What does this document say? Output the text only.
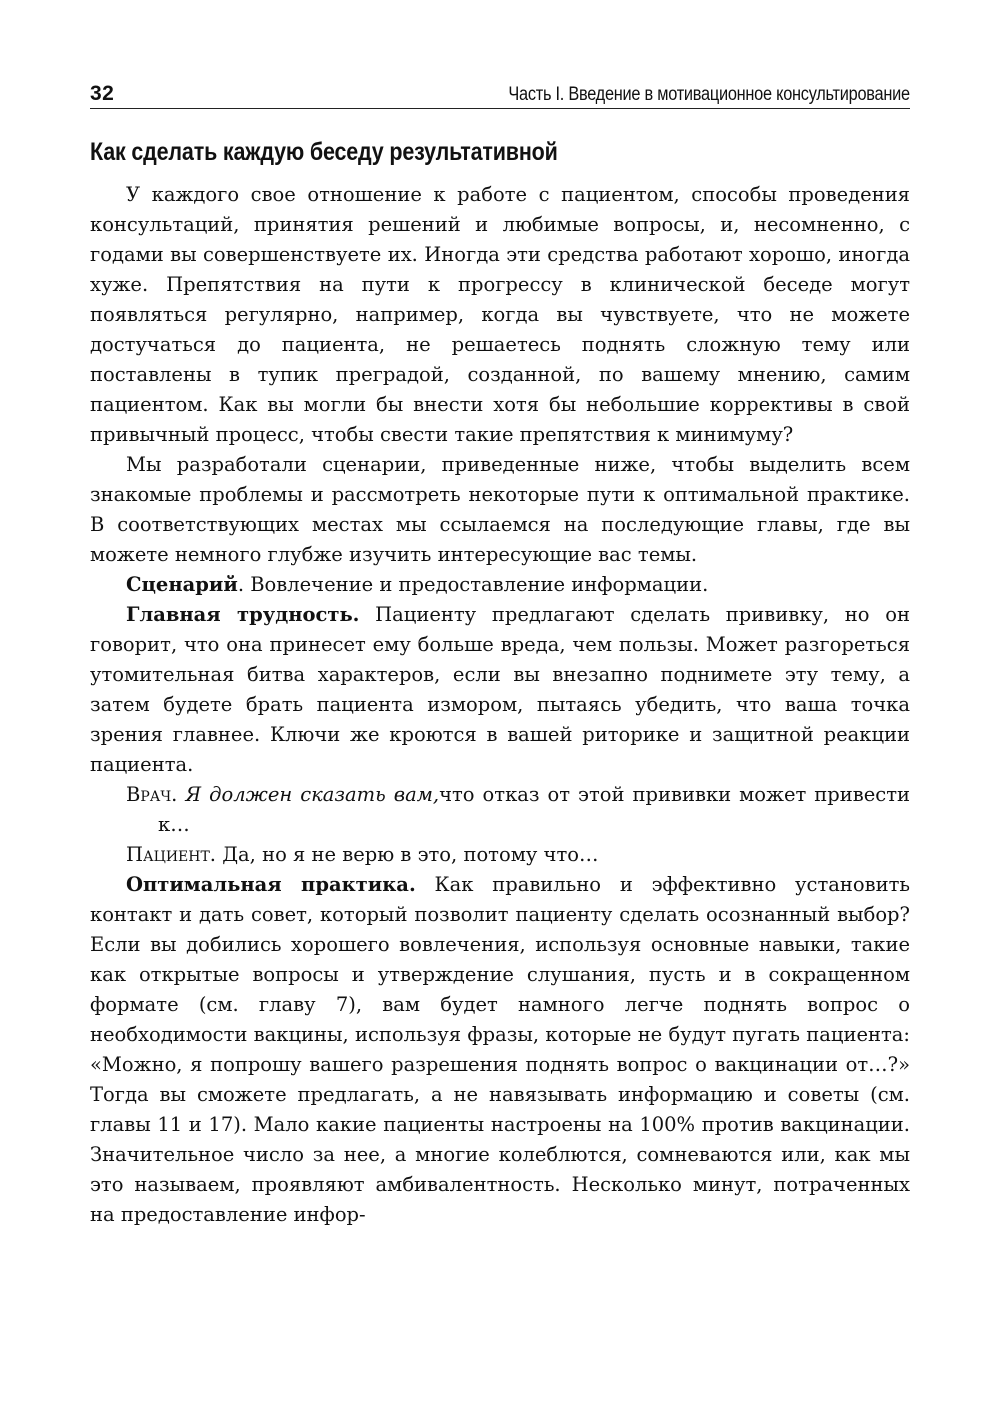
32	Часть I. Введение в мотивационное консультирование
Как сделать каждую беседу результативной

У каждого свое отношение к работе с пациентом, способы проведения консультаций, принятия решений и любимые вопросы, и, несомненно, с годами вы совершенствуете их. Иногда эти средства работают хорошо, иногда хуже. Препятствия на пути к прогрессу в клинической беседе могут появляться регулярно, например, когда вы чувствуете, что не можете достучаться до пациента, не решаетесь поднять сложную тему или поставлены в тупик преградой, созданной, по вашему мнению, самим пациентом. Как вы могли бы внести хотя бы небольшие коррективы в свой привычный процесс, чтобы свести такие препятствия к минимуму?

Мы разработали сценарии, приведенные ниже, чтобы выделить всем знакомые проблемы и рассмотреть некоторые пути к оптимальной практике. В соответствующих местах мы ссылаемся на последующие главы, где вы можете немного глубже изучить интересующие вас темы.

Сценарий. Вовлечение и предоставление информации.

Главная трудность. Пациенту предлагают сделать прививку, но он говорит, что она принесет ему больше вреда, чем пользы. Может разгореться утомительная битва характеров, если вы внезапно поднимете эту тему, а затем будете брать пациента измором, пытаясь убедить, что ваша точка зрения главнее. Ключи же кроются в вашей риторике и защитной реакции пациента.

Врач. Я должен сказать вам,что отказ от этой прививки может привести к…

Пациент. Да, но я не верю в это, потому что…

Оптимальная практика. Как правильно и эффективно установить контакт и дать совет, который позволит пациенту сделать осознанный выбор? Если вы добились хорошего вовлечения, используя основные навыки, такие как открытые вопросы и утверждение слушания, пусть и в сокращенном формате (см. главу 7), вам будет намного легче поднять вопрос о необходимости вакцины, используя фразы, которые не будут пугать пациента: «Можно, я попрошу вашего разрешения поднять вопрос о вакцинации от…?» Тогда вы сможете предлагать, а не навязывать информацию и советы (см. главы 11 и 17). Мало какие пациенты настроены на 100% против вакцинации. Значительное число за нее, а многие колеблются, сомневаются или, как мы это называем, проявляют амбивалентность. Несколько минут, потраченных на предоставление инфор-
